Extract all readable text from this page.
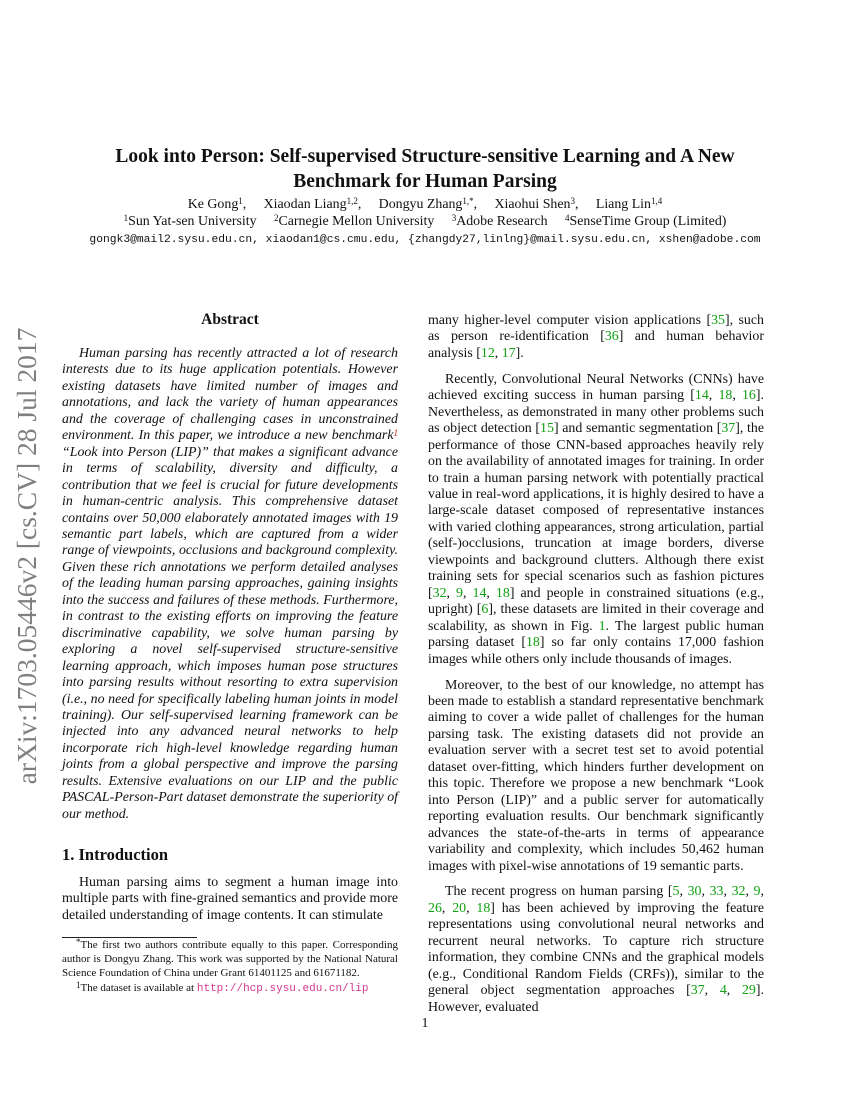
arXiv:1703.05446v2 [cs.CV] 28 Jul 2017
Look into Person: Self-supervised Structure-sensitive Learning and A New
Benchmark for Human Parsing
Ke Gong$^1$,  Xiaodan Liang$^{1,2}$,  Dongyu Zhang$^{1,*}$,  Xiaohui Shen$^3$,  Liang Lin$^{1,4}$
$^1$Sun Yat-sen University  $^2$Carnegie Mellon University  $^3$Adobe Research  $^4$SenseTime Group (Limited)
gongk3@mail2.sysu.edu.cn, xiaodan1@cs.cmu.edu, {zhangdy27,linlng}@mail.sysu.edu.cn, xshen@adobe.com
Abstract

Human parsing has recently attracted a lot of research interests due to its huge application potentials. However existing datasets have limited number of images and annotations, and lack the variety of human appearances and the coverage of challenging cases in unconstrained environment. In this paper, we introduce a new benchmark$^1$ “Look into Person (LIP)” that makes a significant advance in terms of scalability, diversity and difficulty, a contribution that we feel is crucial for future developments in human-centric analysis. This comprehensive dataset contains over 50,000 elaborately annotated images with 19 semantic part labels, which are captured from a wider range of viewpoints, occlusions and background complexity. Given these rich annotations we perform detailed analyses of the leading human parsing approaches, gaining insights into the success and failures of these methods. Furthermore, in contrast to the existing efforts on improving the feature discriminative capability, we solve human parsing by exploring a novel self-supervised structure-sensitive learning approach, which imposes human pose structures into parsing results without resorting to extra supervision (i.e., no need for specifically labeling human joints in model training). Our self-supervised learning framework can be injected into any advanced neural networks to help incorporate rich high-level knowledge regarding human joints from a global perspective and improve the parsing results. Extensive evaluations on our LIP and the public PASCAL-Person-Part dataset demonstrate the superiority of our method.

1. Introduction

Human parsing aims to segment a human image into multiple parts with fine-grained semantics and provide more detailed understanding of image contents. It can stimulate

*The first two authors contribute equally to this paper. Corresponding author is Dongyu Zhang. This work was supported by the National Natural Science Foundation of China under Grant 61401125 and 61671182.

$^1$The dataset is available at http://hcp.sysu.edu.cn/lip

many higher-level computer vision applications [35], such as person re-identification [36] and human behavior analysis [12, 17].

Recently, Convolutional Neural Networks (CNNs) have achieved exciting success in human parsing [14, 18, 16]. Nevertheless, as demonstrated in many other problems such as object detection [15] and semantic segmentation [37], the performance of those CNN-based approaches heavily rely on the availability of annotated images for training. In order to train a human parsing network with potentially practical value in real-word applications, it is highly desired to have a large-scale dataset composed of representative instances with varied clothing appearances, strong articulation, partial (self-)occlusions, truncation at image borders, diverse viewpoints and background clutters. Although there exist training sets for special scenarios such as fashion pictures [32, 9, 14, 18] and people in constrained situations (e.g., upright) [6], these datasets are limited in their coverage and scalability, as shown in Fig. 1. The largest public human parsing dataset [18] so far only contains 17,000 fashion images while others only include thousands of images.

Moreover, to the best of our knowledge, no attempt has been made to establish a standard representative benchmark aiming to cover a wide pallet of challenges for the human parsing task. The existing datasets did not provide an evaluation server with a secret test set to avoid potential dataset over-fitting, which hinders further development on this topic. Therefore we propose a new benchmark “Look into Person (LIP)” and a public server for automatically reporting evaluation results. Our benchmark significantly advances the state-of-the-arts in terms of appearance variability and complexity, which includes 50,462 human images with pixel-wise annotations of 19 semantic parts.

The recent progress on human parsing [5, 30, 33, 32, 9, 26, 20, 18] has been achieved by improving the feature representations using convolutional neural networks and recurrent neural networks. To capture rich structure information, they combine CNNs and the graphical models (e.g., Conditional Random Fields (CRFs)), similar to the general object segmentation approaches [37, 4, 29]. However, evaluated

1
